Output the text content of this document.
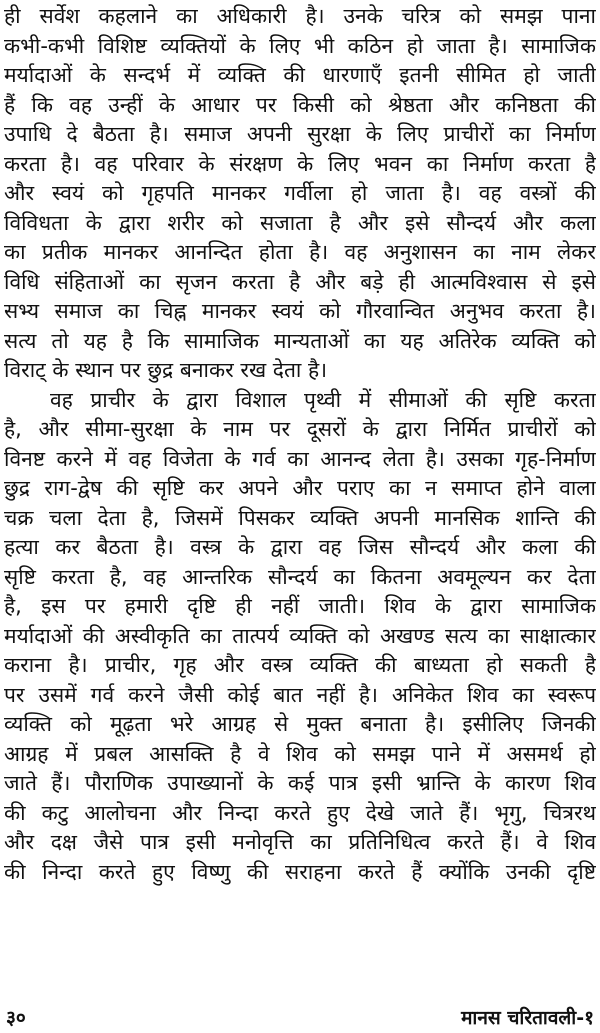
ही सर्वेश कहलाने का अधिकारी है। उनके चरित्र को समझ पाना
कभी-कभी विशिष्ट व्यक्तियों के लिए भी कठिन हो जाता है। सामाजिक
मर्यादाओं के सन्दर्भ में व्यक्ति की धारणाएँ इतनी सीमित हो जाती
हैं कि वह उन्हीं के आधार पर किसी को श्रेष्ठता और कनिष्ठता की
उपाधि दे बैठता है। समाज अपनी सुरक्षा के लिए प्राचीरों का निर्माण
करता है। वह परिवार के संरक्षण के लिए भवन का निर्माण करता है
और स्वयं को गृहपति मानकर गर्वीला हो जाता है। वह वस्त्रों की
विविधता के द्वारा शरीर को सजाता है और इसे सौन्दर्य और कला
का प्रतीक मानकर आनन्दित होता है। वह अनुशासन का नाम लेकर
विधि संहिताओं का सृजन करता है और बड़े ही आत्मविश्वास से इसे
सभ्य समाज का चिह्न मानकर स्वयं को गौरवान्वित अनुभव करता है।
सत्य तो यह है कि सामाजिक मान्यताओं का यह अतिरेक व्यक्ति को
विराट् के स्थान पर छुद्र बनाकर रख देता है।
वह प्राचीर के द्वारा विशाल पृथ्वी में सीमाओं की सृष्टि करता
है, और सीमा-सुरक्षा के नाम पर दूसरों के द्वारा निर्मित प्राचीरों को
विनष्ट करने में वह विजेता के गर्व का आनन्द लेता है। उसका गृह-निर्माण
छुद्र राग-द्वेष की सृष्टि कर अपने और पराए का न समाप्त होने वाला
चक्र चला देता है, जिसमें पिसकर व्यक्ति अपनी मानसिक शान्ति की
हत्या कर बैठता है। वस्त्र के द्वारा वह जिस सौन्दर्य और कला की
सृष्टि करता है, वह आन्तरिक सौन्दर्य का कितना अवमूल्यन कर देता
है, इस पर हमारी दृष्टि ही नहीं जाती। शिव के द्वारा सामाजिक
मर्यादाओं की अस्वीकृति का तात्पर्य व्यक्ति को अखण्ड सत्य का साक्षात्कार
कराना है। प्राचीर, गृह और वस्त्र व्यक्ति की बाध्यता हो सकती है
पर उसमें गर्व करने जैसी कोई बात नहीं है। अनिकेत शिव का स्वरूप
व्यक्ति को मूढ़ता भरे आग्रह से मुक्त बनाता है। इसीलिए जिनकी
आग्रह में प्रबल आसक्ति है वे शिव को समझ पाने में असमर्थ हो
जाते हैं। पौराणिक उपाख्यानों के कई पात्र इसी भ्रान्ति के कारण शिव
की कटु आलोचना और निन्दा करते हुए देखे जाते हैं। भृगु, चित्ररथ
और दक्ष जैसे पात्र इसी मनोवृत्ति का प्रतिनिधित्व करते हैं। वे शिव
की निन्दा करते हुए विष्णु की सराहना करते हैं क्योंकि उनकी दृष्टि
३०	मानस चरितावली-१
